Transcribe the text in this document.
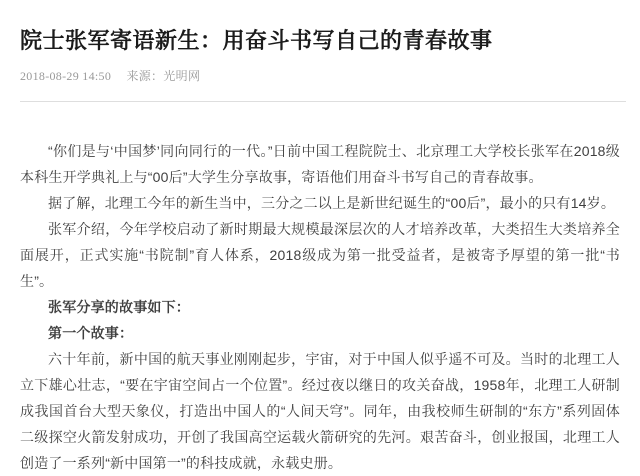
院士张军寄语新生：用奋斗书写自己的青春故事
2018-08-29 14:50 来源：光明网

“你们是与‘中国梦’同向同行的一代。”日前中国工程院院士、北京理工大学校长张军在2018级本科生开学典礼上与“00后”大学生分享故事，寄语他们用奋斗书写自己的青春故事。

据了解，北理工今年的新生当中，三分之二以上是新世纪诞生的“00后”，最小的只有14岁。

张军介绍，今年学校启动了新时期最大规模最深层次的人才培养改革，大类招生大类培养全面展开，正式实施“书院制”育人体系，2018级成为第一批受益者，是被寄予厚望的第一批“书生”。

张军分享的故事如下：

第一个故事：

六十年前，新中国的航天事业刚刚起步，宇宙，对于中国人似乎遥不可及。当时的北理工人立下雄心壮志，“要在宇宙空间占一个位置”。经过夜以继日的攻关奋战，1958年，北理工人研制成我国首台大型天象仪，打造出中国人的“人间天穹”。同年，由我校师生研制的“东方”系列固体二级探空火箭发射成功，开创了我国高空运载火箭研究的先河。艰苦奋斗，创业报国，北理工人创造了一系列“新中国第一”的科技成就，永载史册。
